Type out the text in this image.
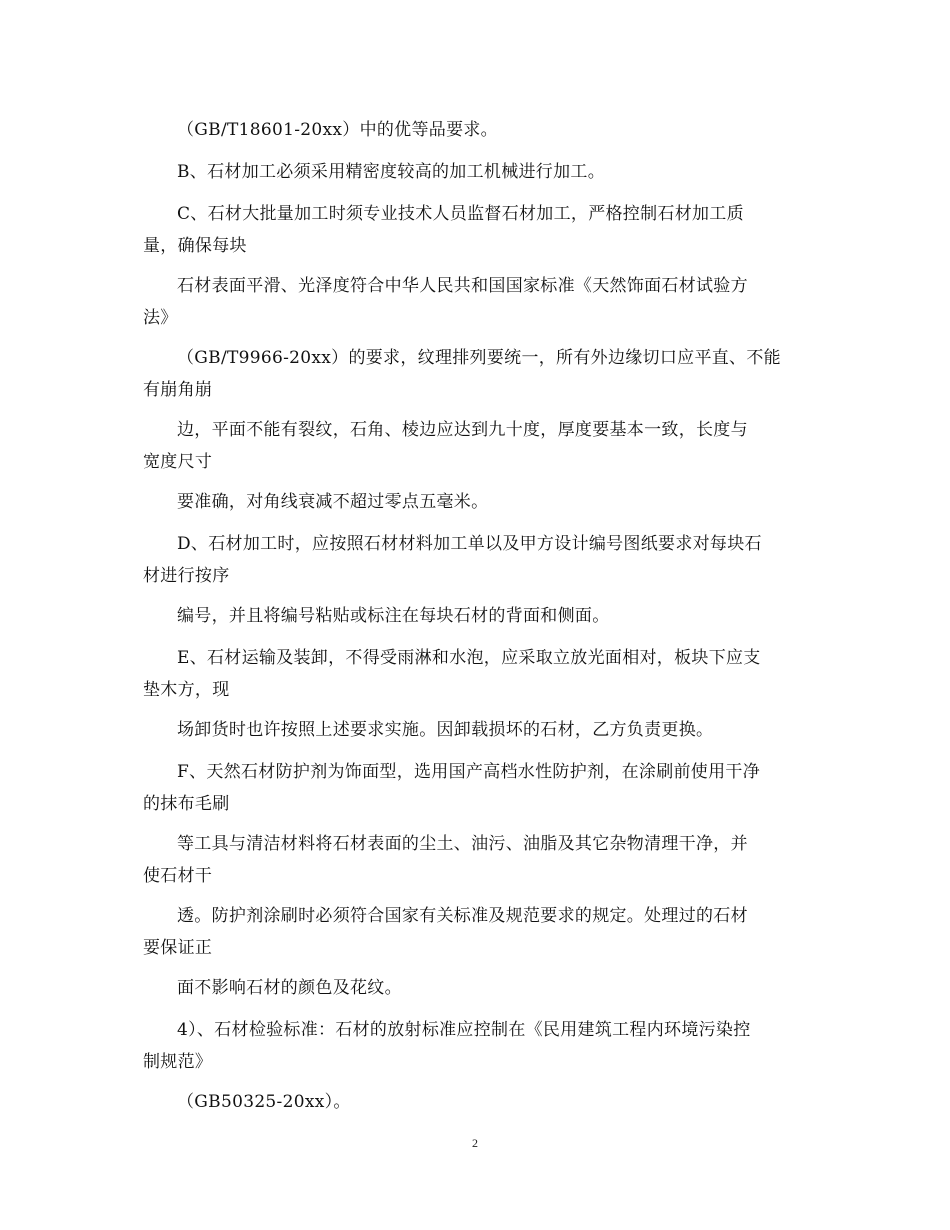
（GB/T18601-20xx）中的优等品要求。
B、石材加工必须采用精密度较高的加工机械进行加工。
C、石材大批量加工时须专业技术人员监督石材加工，严格控制石材加工质
量，确保每块
石材表面平滑、光泽度符合中华人民共和国国家标准《天然饰面石材试验方
法》
（GB/T9966-20xx）的要求，纹理排列要统一，所有外边缘切口应平直、不能
有崩角崩
边，平面不能有裂纹，石角、棱边应达到九十度，厚度要基本一致，长度与
宽度尺寸
要准确，对角线衰减不超过零点五毫米。
D、石材加工时，应按照石材材料加工单以及甲方设计编号图纸要求对每块石
材进行按序
编号，并且将编号粘贴或标注在每块石材的背面和侧面。
E、石材运输及装卸，不得受雨淋和水泡，应采取立放光面相对，板块下应支
垫木方，现
场卸货时也许按照上述要求实施。因卸载损坏的石材，乙方负责更换。
F、天然石材防护剂为饰面型，选用国产高档水性防护剂，在涂刷前使用干净
的抹布毛刷
等工具与清洁材料将石材表面的尘土、油污、油脂及其它杂物清理干净，并
使石材干
透。防护剂涂刷时必须符合国家有关标准及规范要求的规定。处理过的石材
要保证正
面不影响石材的颜色及花纹。
4）、石材检验标准：石材的放射标准应控制在《民用建筑工程内环境污染控
制规范》
（GB50325-20xx）。
2
